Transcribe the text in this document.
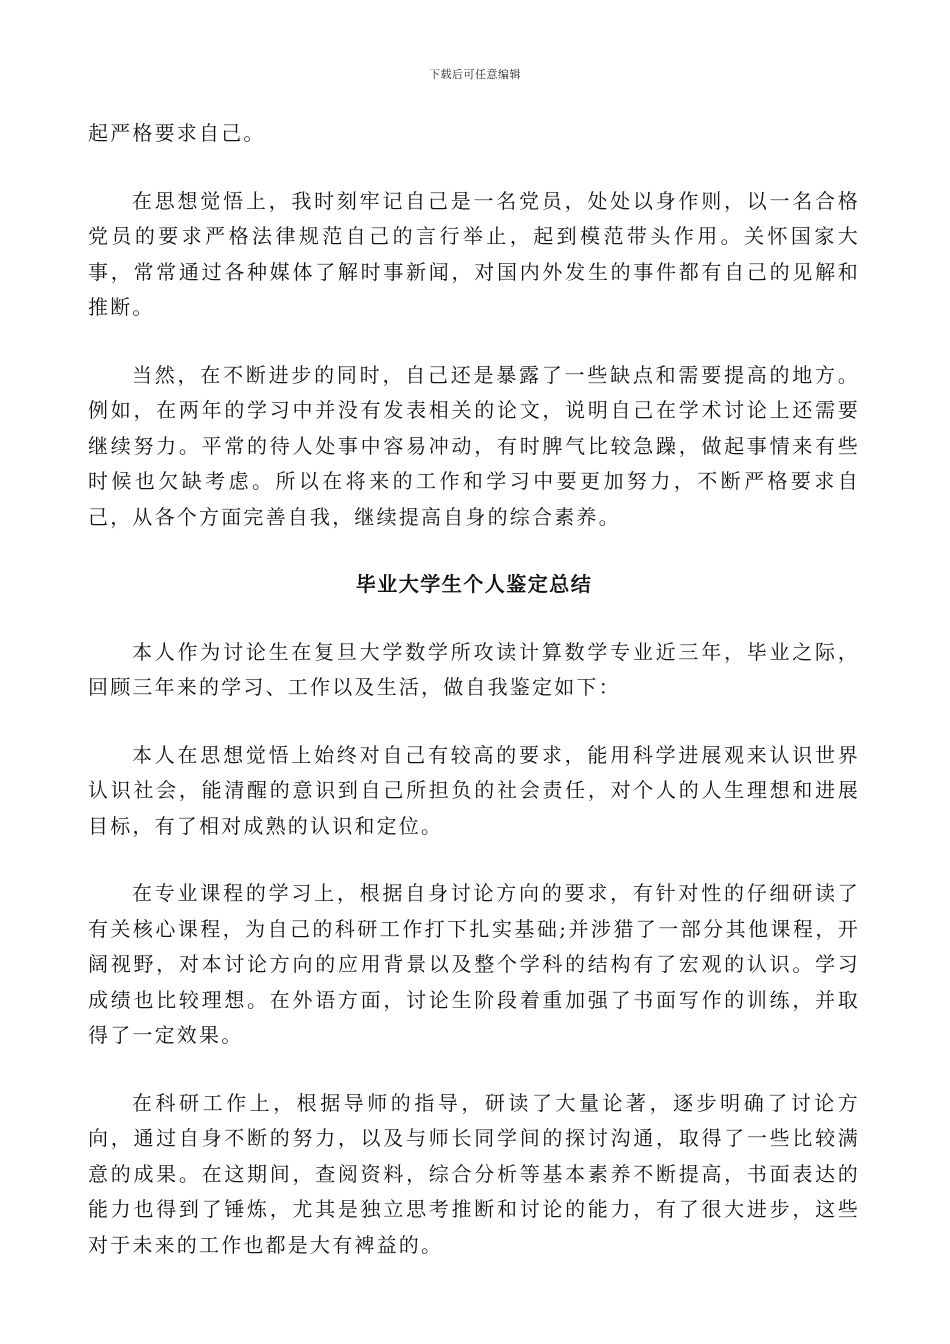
下载后可任意编辑

起严格要求自己。

在思想觉悟上，我时刻牢记自己是一名党员，处处以身作则，以一名合格党员的要求严格法律规范自己的言行举止，起到模范带头作用。关怀国家大事，常常通过各种媒体了解时事新闻，对国内外发生的事件都有自己的见解和推断。

当然，在不断进步的同时，自己还是暴露了一些缺点和需要提高的地方。例如，在两年的学习中并没有发表相关的论文，说明自己在学术讨论上还需要继续努力。平常的待人处事中容易冲动，有时脾气比较急躁，做起事情来有些时候也欠缺考虑。所以在将来的工作和学习中要更加努力，不断严格要求自己，从各个方面完善自我，继续提高自身的综合素养。

毕业大学生个人鉴定总结

本人作为讨论生在复旦大学数学所攻读计算数学专业近三年，毕业之际，回顾三年来的学习、工作以及生活，做自我鉴定如下：

本人在思想觉悟上始终对自己有较高的要求，能用科学进展观来认识世界认识社会，能清醒的意识到自己所担负的社会责任，对个人的人生理想和进展目标，有了相对成熟的认识和定位。

在专业课程的学习上，根据自身讨论方向的要求，有针对性的仔细研读了有关核心课程，为自己的科研工作打下扎实基础;并涉猎了一部分其他课程，开阔视野，对本讨论方向的应用背景以及整个学科的结构有了宏观的认识。学习成绩也比较理想。在外语方面，讨论生阶段着重加强了书面写作的训练，并取得了一定效果。

在科研工作上，根据导师的指导，研读了大量论著，逐步明确了讨论方向，通过自身不断的努力，以及与师长同学间的探讨沟通，取得了一些比较满意的成果。在这期间，查阅资料，综合分析等基本素养不断提高，书面表达的能力也得到了锤炼，尤其是独立思考推断和讨论的能力，有了很大进步，这些对于未来的工作也都是大有裨益的。
